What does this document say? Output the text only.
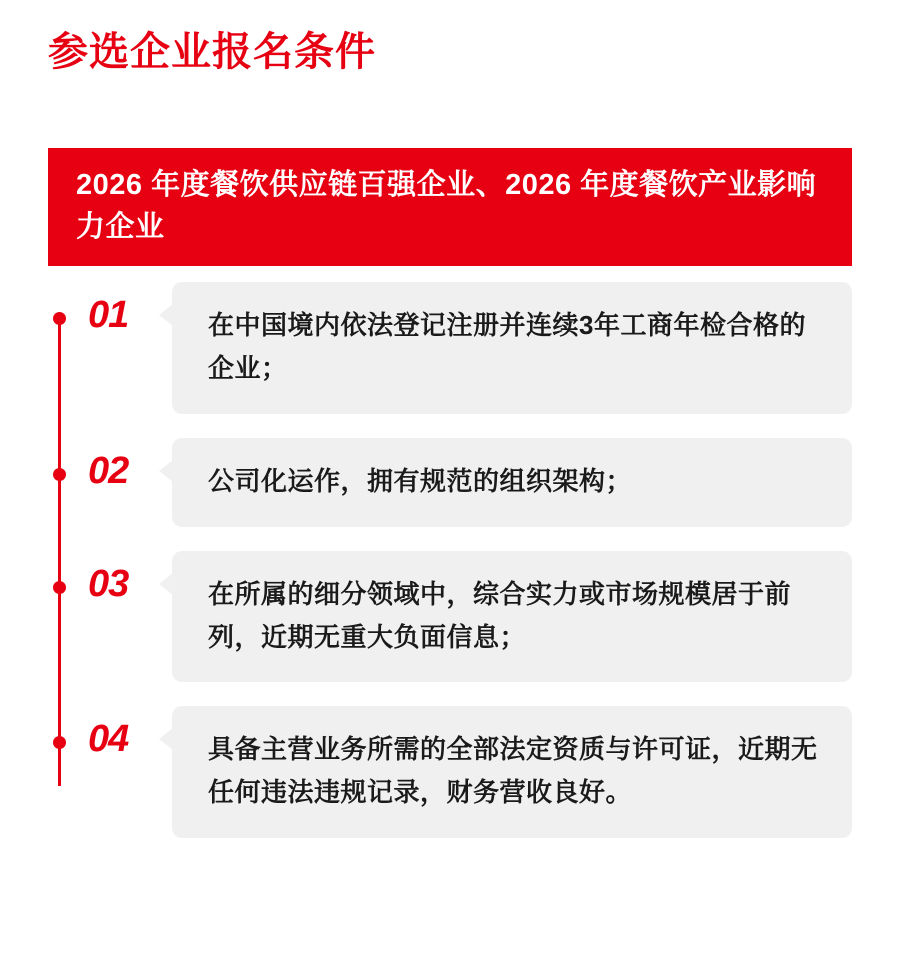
参选企业报名条件
2026 年度餐饮供应链百强企业、2026 年度餐饮产业影响力企业
01	在中国境内依法登记注册并连续3年工商年检合格的企业；
02	公司化运作，拥有规范的组织架构；
03	在所属的细分领域中，综合实力或市场规模居于前列，近期无重大负面信息；
04	具备主营业务所需的全部法定资质与许可证，近期无任何违法违规记录，财务营收良好。
